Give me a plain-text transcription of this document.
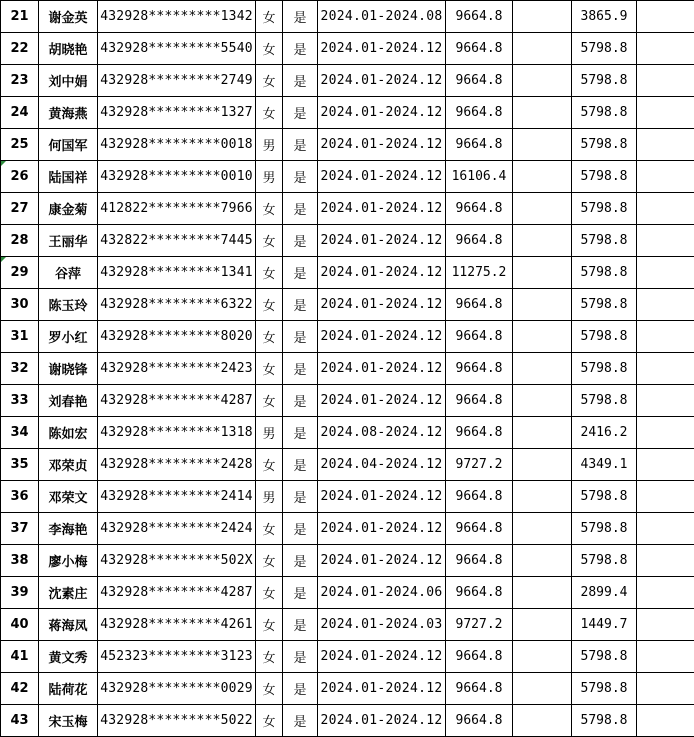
21	谢金英	432928*********1342	女	是	2024.01-2024.08	9664.8		3865.9	
22	胡晓艳	432928*********5540	女	是	2024.01-2024.12	9664.8		5798.8	
23	刘中娟	432928*********2749	女	是	2024.01-2024.12	9664.8		5798.8	
24	黄海燕	432928*********1327	女	是	2024.01-2024.12	9664.8		5798.8	
25	何国军	432928*********0018	男	是	2024.01-2024.12	9664.8		5798.8	
26	陆国祥	432928*********0010	男	是	2024.01-2024.12	16106.4		5798.8	
27	康金菊	412822*********7966	女	是	2024.01-2024.12	9664.8		5798.8	
28	王丽华	432822*********7445	女	是	2024.01-2024.12	9664.8		5798.8	
29	谷萍	432928*********1341	女	是	2024.01-2024.12	11275.2		5798.8	
30	陈玉玲	432928*********6322	女	是	2024.01-2024.12	9664.8		5798.8	
31	罗小红	432928*********8020	女	是	2024.01-2024.12	9664.8		5798.8	
32	谢晓锋	432928*********2423	女	是	2024.01-2024.12	9664.8		5798.8	
33	刘春艳	432928*********4287	女	是	2024.01-2024.12	9664.8		5798.8	
34	陈如宏	432928*********1318	男	是	2024.08-2024.12	9664.8		2416.2	
35	邓荣贞	432928*********2428	女	是	2024.04-2024.12	9727.2		4349.1	
36	邓荣文	432928*********2414	男	是	2024.01-2024.12	9664.8		5798.8	
37	李海艳	432928*********2424	女	是	2024.01-2024.12	9664.8		5798.8	
38	廖小梅	432928*********502X	女	是	2024.01-2024.12	9664.8		5798.8	
39	沈素庄	432928*********4287	女	是	2024.01-2024.06	9664.8		2899.4	
40	蒋海凤	432928*********4261	女	是	2024.01-2024.03	9727.2		1449.7	
41	黄文秀	452323*********3123	女	是	2024.01-2024.12	9664.8		5798.8	
42	陆荷花	432928*********0029	女	是	2024.01-2024.12	9664.8		5798.8	
43	宋玉梅	432928*********5022	女	是	2024.01-2024.12	9664.8		5798.8	
